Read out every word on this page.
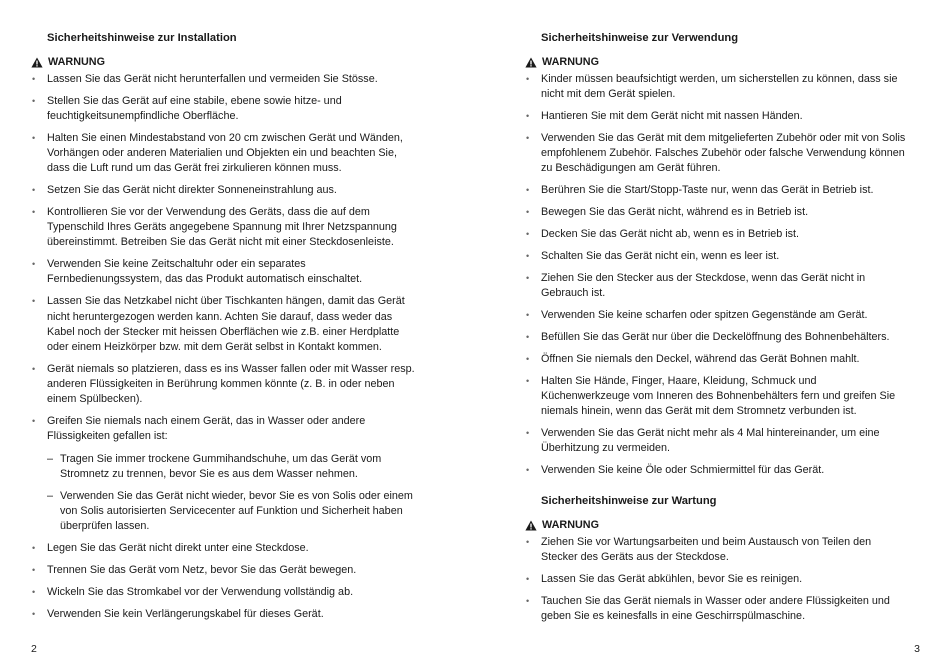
Sicherheitshinweise zur Installation
WARNUNG
• Lassen Sie das Gerät nicht herunterfallen und vermeiden Sie Stösse.
• Stellen Sie das Gerät auf eine stabile, ebene sowie hitze- und feuchtigkeitsunempfindliche Oberfläche.
• Halten Sie einen Mindestabstand von 20 cm zwischen Gerät und Wänden, Vorhängen oder anderen Materialien und Objekten ein und beachten Sie, dass die Luft rund um das Gerät frei zirkulieren können muss.
• Setzen Sie das Gerät nicht direkter Sonneneinstrahlung aus.
• Kontrollieren Sie vor der Verwendung des Geräts, dass die auf dem Typenschild Ihres Geräts angegebene Spannung mit Ihrer Netzspannung übereinstimmt. Betreiben Sie das Gerät nicht mit einer Steckdosenleiste.
• Verwenden Sie keine Zeitschaltuhr oder ein separates Fernbedienungssystem, das das Produkt automatisch einschaltet.
• Lassen Sie das Netzkabel nicht über Tischkanten hängen, damit das Gerät nicht heruntergezogen werden kann. Achten Sie darauf, dass weder das Kabel noch der Stecker mit heissen Oberflächen wie z.B. einer Herdplatte oder einem Heizkörper bzw. mit dem Gerät selbst in Kontakt kommen.
• Gerät niemals so platzieren, dass es ins Wasser fallen oder mit Wasser resp. anderen Flüssigkeiten in Berührung kommen könnte (z. B. in oder neben einem Spülbecken).
• Greifen Sie niemals nach einem Gerät, das in Wasser oder andere Flüssigkeiten gefallen ist:
– Tragen Sie immer trockene Gummihandschuhe, um das Gerät vom Stromnetz zu trennen, bevor Sie es aus dem Wasser nehmen.
– Verwenden Sie das Gerät nicht wieder, bevor Sie es von Solis oder einem von Solis autorisierten Servicecenter auf Funktion und Sicherheit haben überprüfen lassen.
• Legen Sie das Gerät nicht direkt unter eine Steckdose.
• Trennen Sie das Gerät vom Netz, bevor Sie das Gerät bewegen.
• Wickeln Sie das Stromkabel vor der Verwendung vollständig ab.
• Verwenden Sie kein Verlängerungskabel für dieses Gerät.
2
Sicherheitshinweise zur Verwendung
WARNUNG
• Kinder müssen beaufsichtigt werden, um sicherstellen zu können, dass sie nicht mit dem Gerät spielen.
• Hantieren Sie mit dem Gerät nicht mit nassen Händen.
• Verwenden Sie das Gerät mit dem mitgelieferten Zubehör oder mit von Solis empfohlenem Zubehör. Falsches Zubehör oder falsche Verwendung können zu Beschädigungen am Gerät führen.
• Berühren Sie die Start/Stopp-Taste nur, wenn das Gerät in Betrieb ist.
• Bewegen Sie das Gerät nicht, während es in Betrieb ist.
• Decken Sie das Gerät nicht ab, wenn es in Betrieb ist.
• Schalten Sie das Gerät nicht ein, wenn es leer ist.
• Ziehen Sie den Stecker aus der Steckdose, wenn das Gerät nicht in Gebrauch ist.
• Verwenden Sie keine scharfen oder spitzen Gegenstände am Gerät.
• Befüllen Sie das Gerät nur über die Deckelöffnung des Bohnenbehälters.
• Öffnen Sie niemals den Deckel, während das Gerät Bohnen mahlt.
• Halten Sie Hände, Finger, Haare, Kleidung, Schmuck und Küchenwerkzeuge vom Inneren des Bohnenbehälters fern und greifen Sie niemals hinein, wenn das Gerät mit dem Stromnetz verbunden ist.
• Verwenden Sie das Gerät nicht mehr als 4 Mal hintereinander, um eine Überhitzung zu vermeiden.
• Verwenden Sie keine Öle oder Schmiermittel für das Gerät.
Sicherheitshinweise zur Wartung
WARNUNG
• Ziehen Sie vor Wartungsarbeiten und beim Austausch von Teilen den Stecker des Geräts aus der Steckdose.
• Lassen Sie das Gerät abkühlen, bevor Sie es reinigen.
• Tauchen Sie das Gerät niemals in Wasser oder andere Flüssigkeiten und geben Sie es keinesfalls in eine Geschirrspülmaschine.
3
